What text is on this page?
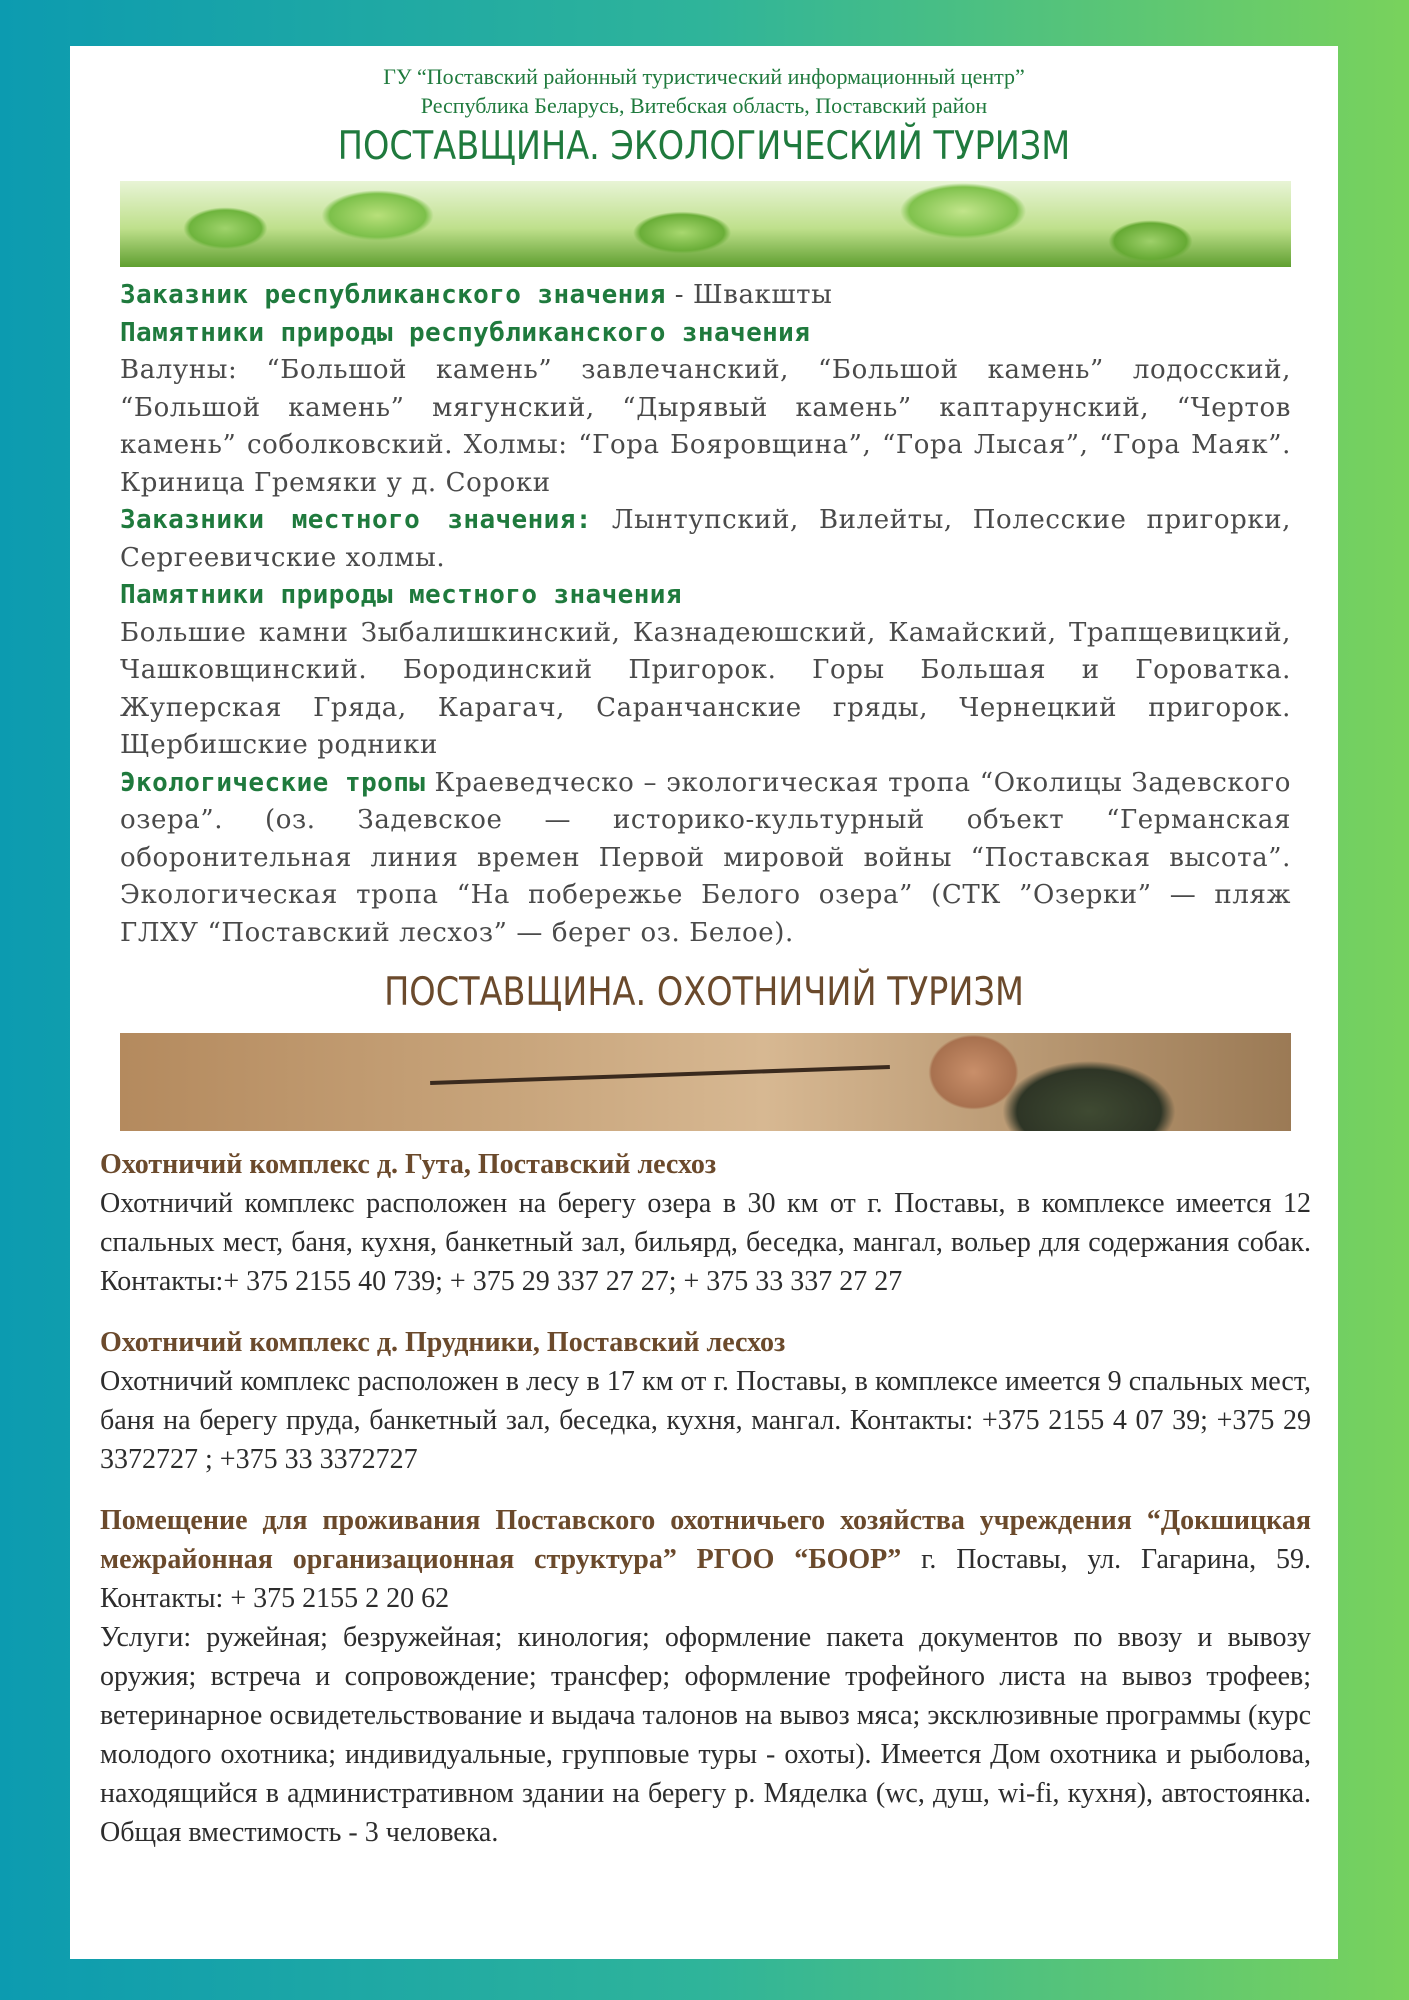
ГУ “Поставский районный туристический информационный центр”
Республика Беларусь, Витебская область, Поставский район
ПОСТАВЩИНА. ЭКОЛОГИЧЕСКИЙ ТУРИЗМ

Заказник республиканского значения - Швакшты

Памятники природы республиканского значения

Валуны: “Большой камень” завлечанский, “Большой камень” лодосский, “Большой камень” мягунский, “Дырявый камень” каптарунский, “Чертов камень” соболковский. Холмы: “Гора Бояровщина”, “Гора Лысая”, “Гора Маяк”. Криница Гремяки у д. Сороки

Заказники местного значения: Лынтупский, Вилейты, Полесские пригорки, Сергеевичские холмы.

Памятники природы местного значения

Большие камни Зыбалишкинский, Казнадеюшский, Камайский, Трапщевицкий, Чашковщинский. Бородинский Пригорок. Горы Большая и Гороватка. Жуперская Гряда, Карагач, Саранчанские гряды, Чернецкий пригорок. Щербишские родники

Экологические тропы Краеведческо – экологическая тропа “Околицы Задевского озера”. (оз. Задевское — историко-культурный объект “Германская оборонительная линия времен Первой мировой войны “Поставская высота”. Экологическая тропа “На побережье Белого озера” (СТК ”Озерки” — пляж ГЛХУ “Поставский лесхоз” — берег оз. Белое).

ПОСТАВЩИНА. ОХОТНИЧИЙ ТУРИЗМ

Охотничий комплекс д. Гута, Поставский лесхоз

Охотничий комплекс расположен на берегу озера в 30 км от г. Поставы, в комплексе имеется 12 спальных мест, баня, кухня, банкетный зал, бильярд, беседка, мангал, вольер для содержания собак. Контакты:+ 375 2155 40 739; + 375 29 337 27 27; + 375 33 337 27 27

Охотничий комплекс д. Прудники, Поставский лесхоз

Охотничий комплекс расположен в лесу в 17 км от г. Поставы, в комплексе имеется 9 спальных мест, баня на берегу пруда, банкетный зал, беседка, кухня, мангал. Контакты: +375 2155 4 07 39; +375 29 3372727 ; +375 33 3372727

Помещение для проживания Поставского охотничьего хозяйства учреждения “Докшицкая межрайонная организационная структура” РГОО “БООР” г. Поставы, ул. Гагарина, 59. Контакты: + 375 2155 2 20 62

Услуги: ружейная; безружейная; кинология; оформление пакета документов по ввозу и вывозу оружия; встреча и сопровождение; трансфер; оформление трофейного листа на вывоз трофеев; ветеринарное освидетельствование и выдача талонов на вывоз мяса; эксклюзивные программы (курс молодого охотника; индивидуальные, групповые туры - охоты). Имеется Дом охотника и рыболова, находящийся в административном здании на берегу р. Мяделка (wc, душ, wi-fi, кухня), автостоянка. Общая вместимость - 3 человека.
